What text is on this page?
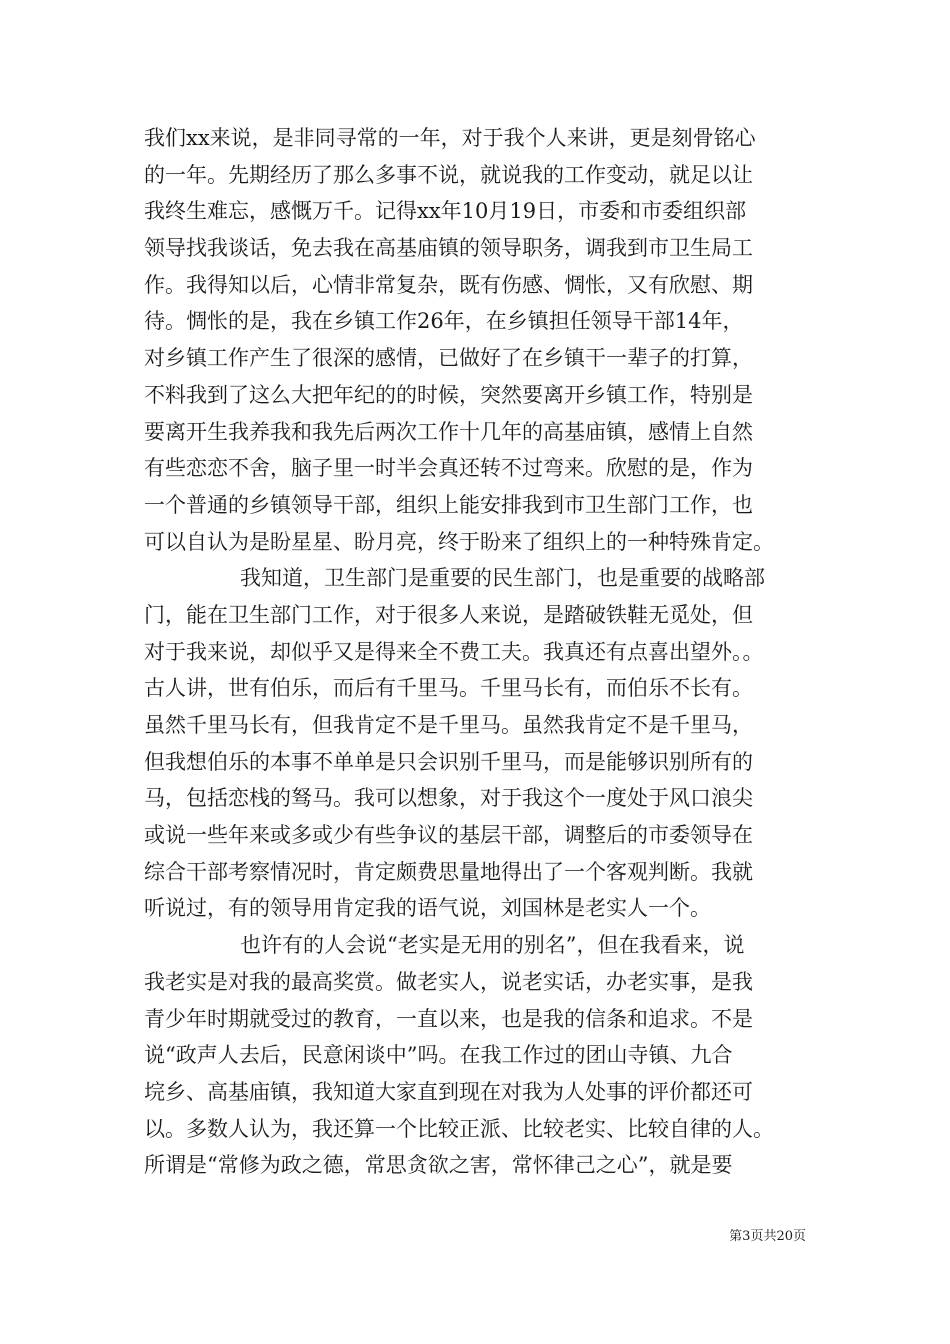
我们xx来说，是非同寻常的一年，对于我个人来讲，更是刻骨铭心
的一年。先期经历了那么多事不说，就说我的工作变动，就足以让
我终生难忘，感慨万千。记得xx年10月19日，市委和市委组织部
领导找我谈话，免去我在高基庙镇的领导职务，调我到市卫生局工
作。我得知以后，心情非常复杂，既有伤感、惆怅，又有欣慰、期
待。惆怅的是，我在乡镇工作26年，在乡镇担任领导干部14年，
对乡镇工作产生了很深的感情，已做好了在乡镇干一辈子的打算，
不料我到了这么大把年纪的的时候，突然要离开乡镇工作，特别是
要离开生我养我和我先后两次工作十几年的高基庙镇，感情上自然
有些恋恋不舍，脑子里一时半会真还转不过弯来。欣慰的是，作为
一个普通的乡镇领导干部，组织上能安排我到市卫生部门工作，也
可以自认为是盼星星、盼月亮，终于盼来了组织上的一种特殊肯定。
我知道，卫生部门是重要的民生部门，也是重要的战略部
门，能在卫生部门工作，对于很多人来说，是踏破铁鞋无觅处，但
对于我来说，却似乎又是得来全不费工夫。我真还有点喜出望外。。
古人讲，世有伯乐，而后有千里马。千里马长有，而伯乐不长有。
虽然千里马长有，但我肯定不是千里马。虽然我肯定不是千里马，
但我想伯乐的本事不单单是只会识别千里马，而是能够识别所有的
马，包括恋栈的驽马。我可以想象，对于我这个一度处于风口浪尖
或说一些年来或多或少有些争议的基层干部，调整后的市委领导在
综合干部考察情况时，肯定颇费思量地得出了一个客观判断。我就
听说过，有的领导用肯定我的语气说，刘国林是老实人一个。
也许有的人会说“老实是无用的别名”，但在我看来，说
我老实是对我的最高奖赏。做老实人，说老实话，办老实事，是我
青少年时期就受过的教育，一直以来，也是我的信条和追求。不是
说“政声人去后，民意闲谈中”吗。在我工作过的团山寺镇、九合
垸乡、高基庙镇，我知道大家直到现在对我为人处事的评价都还可
以。多数人认为，我还算一个比较正派、比较老实、比较自律的人。
所谓是“常修为政之德，常思贪欲之害，常怀律己之心”，就是要
第3页共20页
